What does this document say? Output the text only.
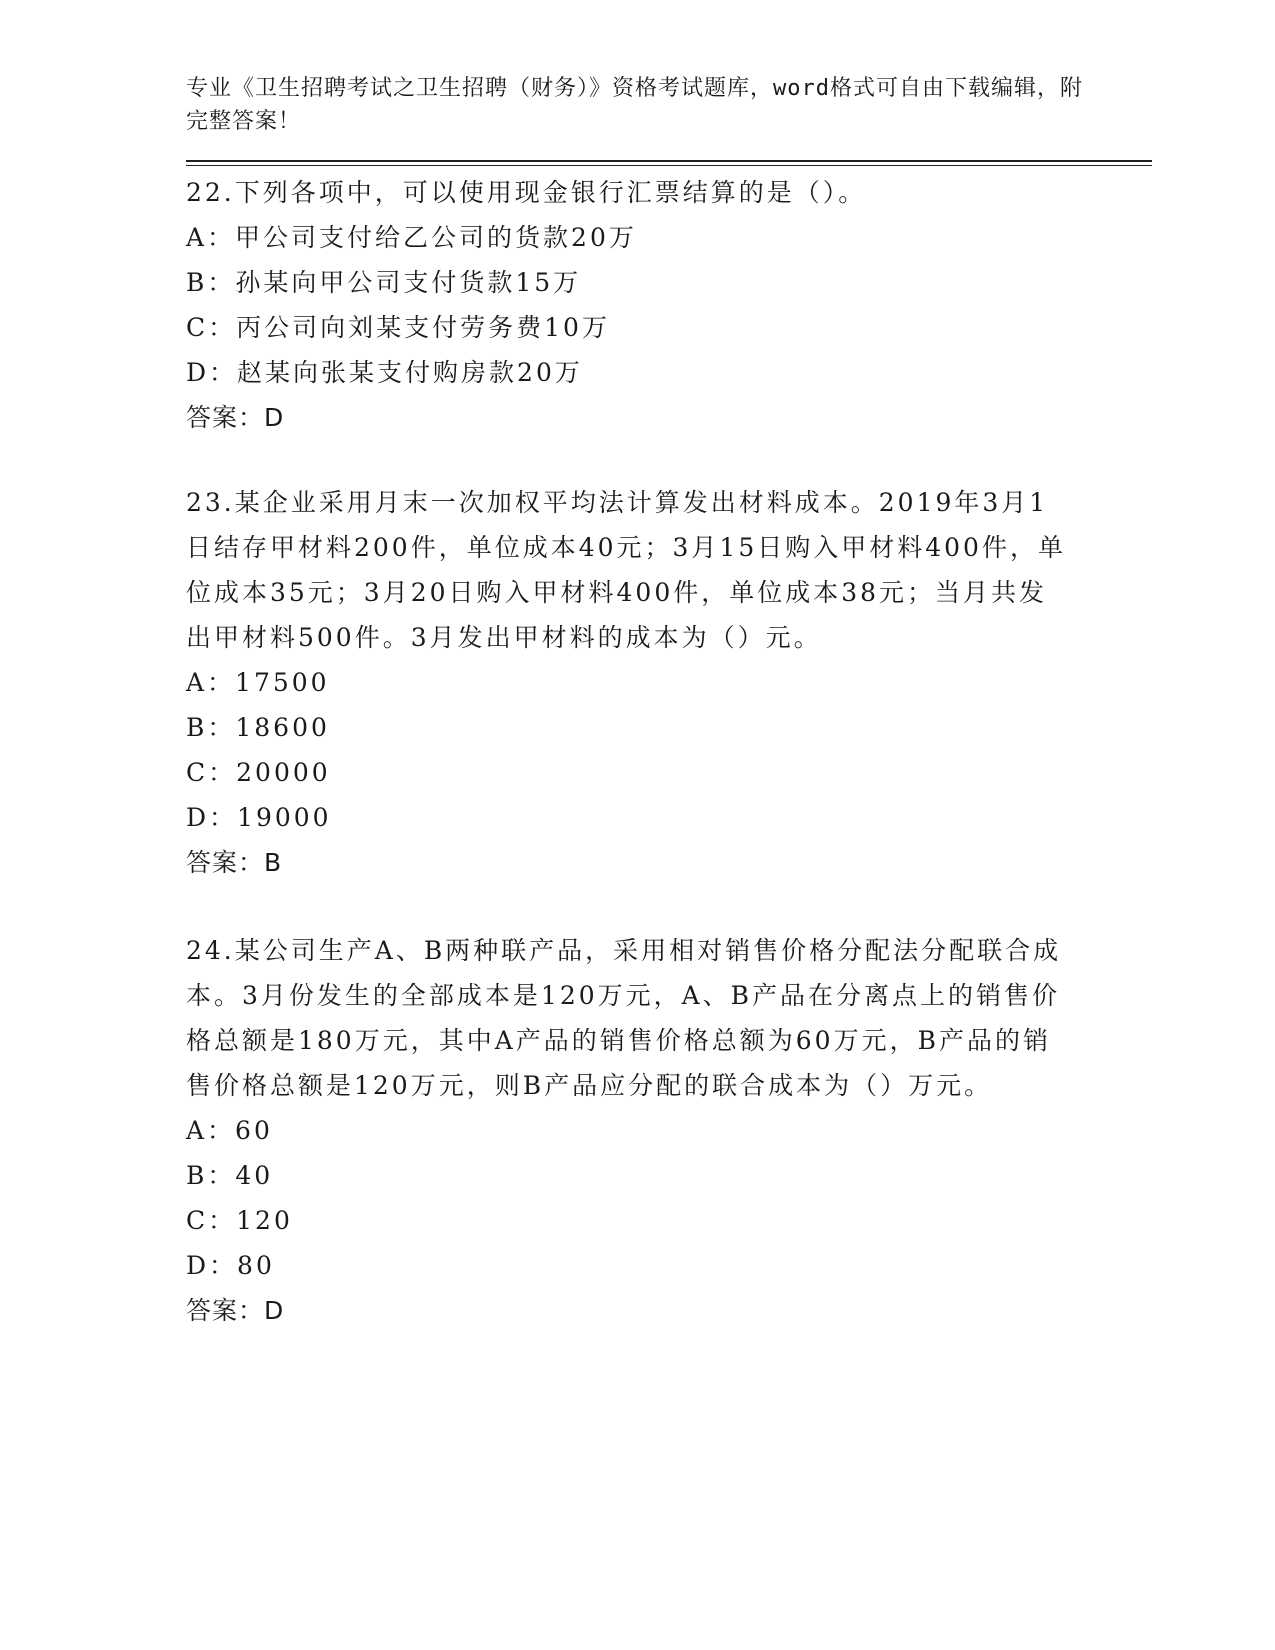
专业《卫生招聘考试之卫生招聘（财务）》资格考试题库，word格式可自由下载编辑，附完整答案！
22.下列各项中，可以使用现金银行汇票结算的是（）。
A：甲公司支付给乙公司的货款20万
B：孙某向甲公司支付货款15万
C：丙公司向刘某支付劳务费10万
D：赵某向张某支付购房款20万
答案：D
23.某企业采用月末一次加权平均法计算发出材料成本。2019年3月1日结存甲材料200件，单位成本40元；3月15日购入甲材料400件，单位成本35元；3月20日购入甲材料400件，单位成本38元；当月共发出甲材料500件。3月发出甲材料的成本为（）元。
A：17500
B：18600
C：20000
D：19000
答案：B
24.某公司生产A、B两种联产品，采用相对销售价格分配法分配联合成本。3月份发生的全部成本是120万元，A、B产品在分离点上的销售价格总额是180万元，其中A产品的销售价格总额为60万元，B产品的销售价格总额是120万元，则B产品应分配的联合成本为（）万元。
A：60
B：40
C：120
D：80
答案：D
